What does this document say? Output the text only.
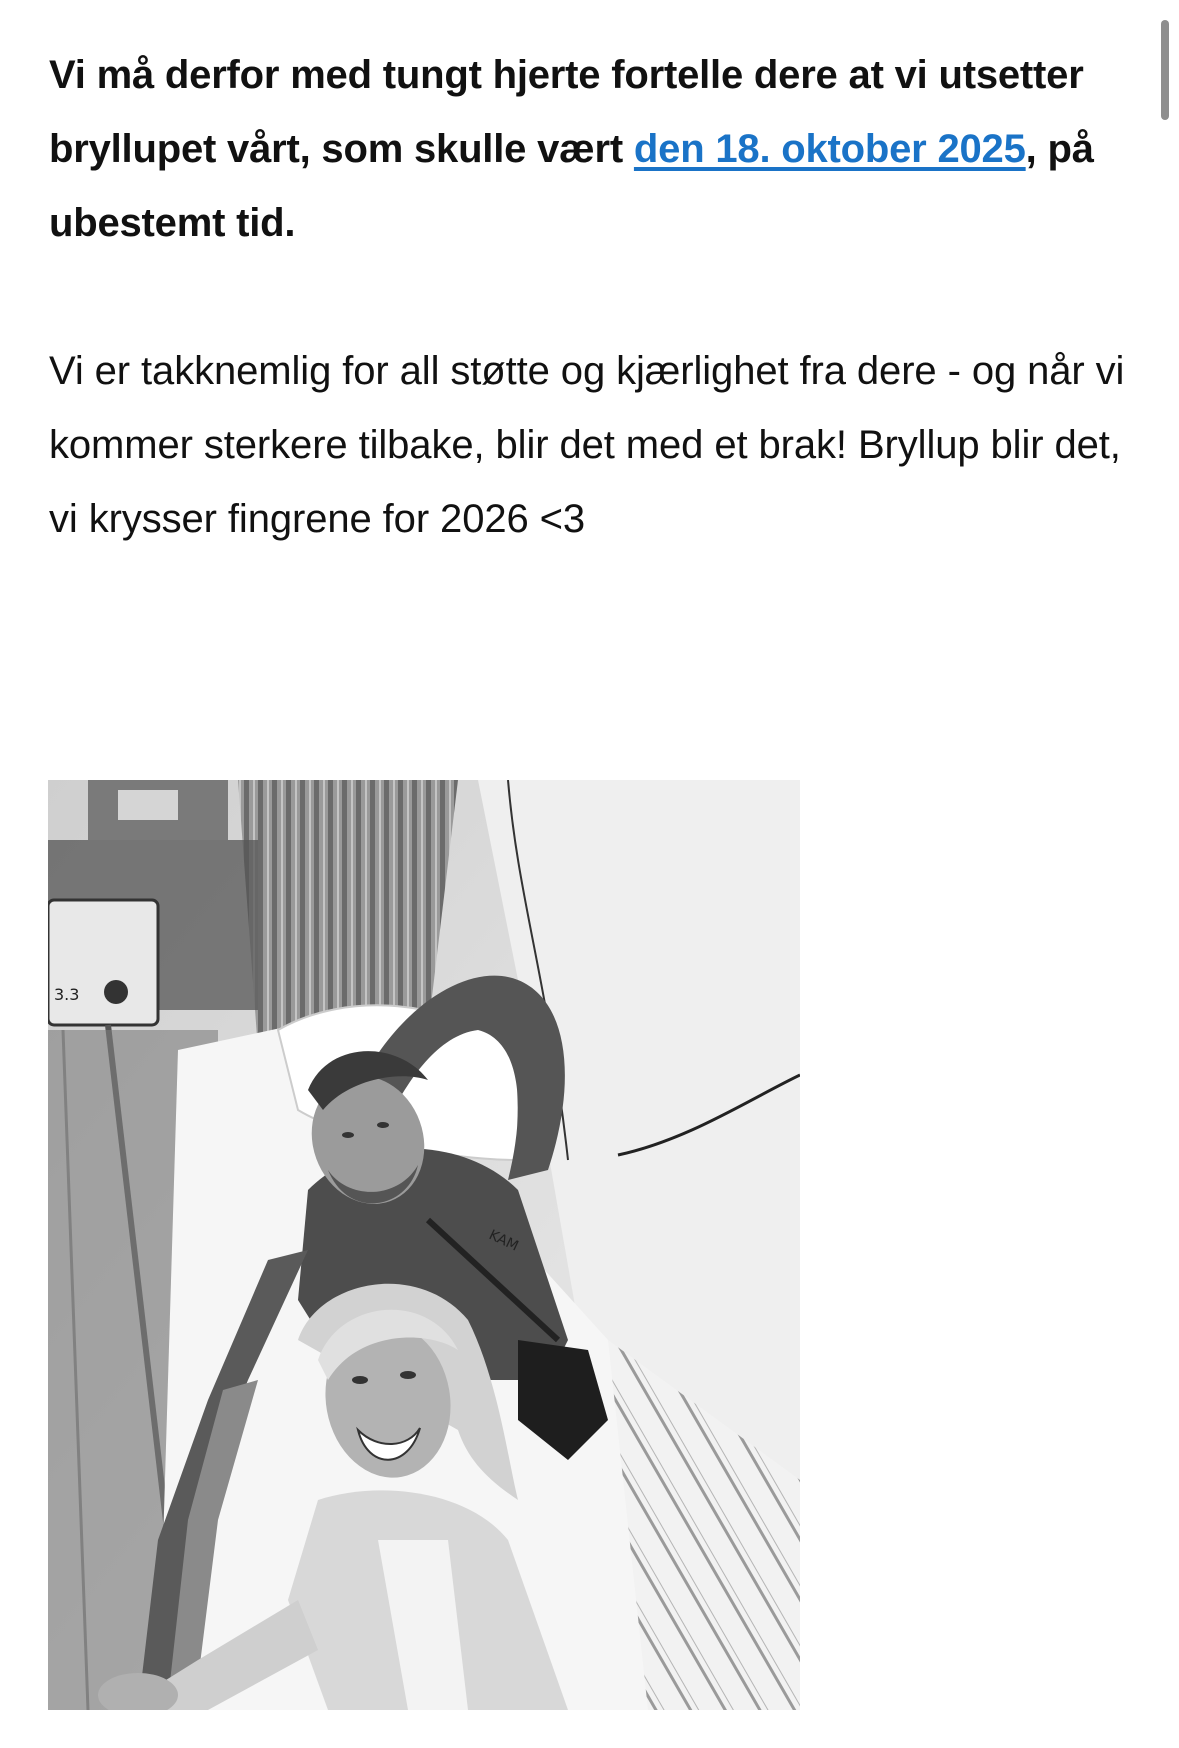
Vi må derfor med tungt hjerte fortelle dere at vi utsetter bryllupet vårt, som skulle vært den 18. oktober 2025, på ubestemt tid.

Vi er takknemlig for all støtte og kjærlighet fra dere - og når vi kommer sterkere tilbake, blir det med et brak! Bryllup blir det, vi krysser fingrene for 2026 <3

3.3
KAM
